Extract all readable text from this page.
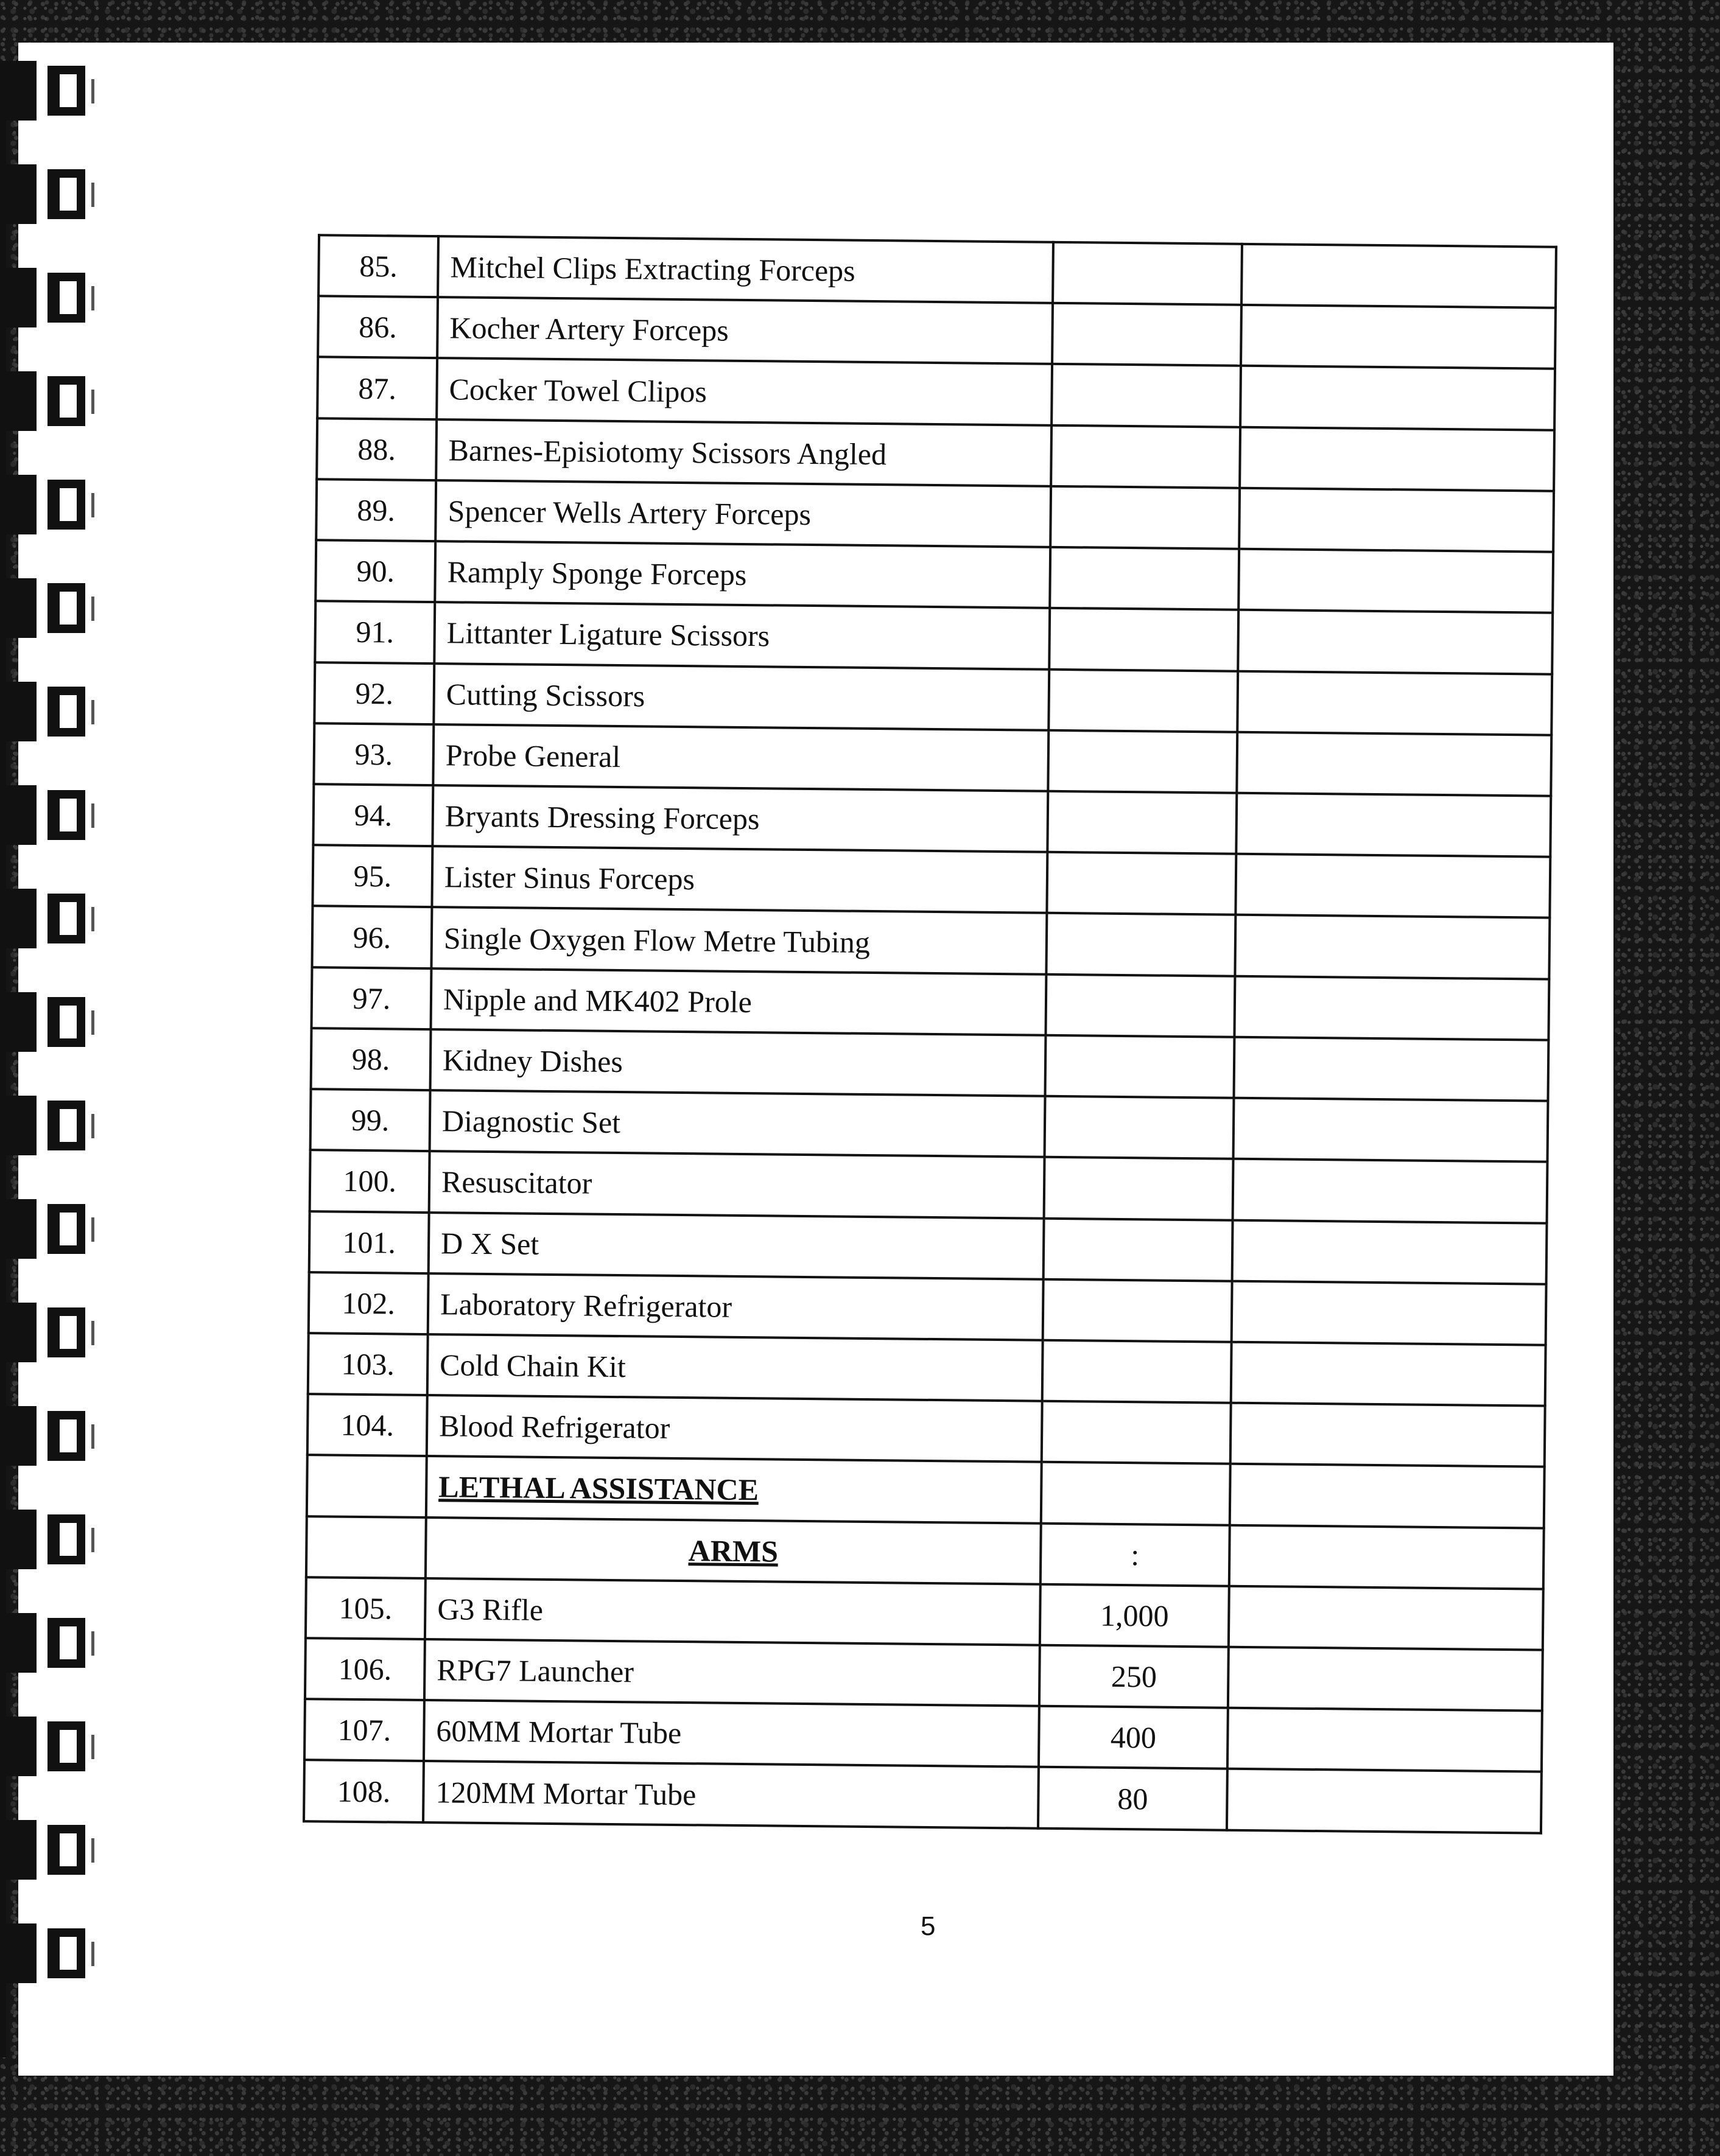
85.	Mitchel Clips Extracting Forceps		
86.	Kocher Artery Forceps		
87.	Cocker Towel Clipos		
88.	Barnes-Episiotomy Scissors Angled		
89.	Spencer Wells Artery Forceps		
90.	Ramply Sponge Forceps		
91.	Littanter Ligature Scissors		
92.	Cutting Scissors		
93.	Probe General		
94.	Bryants Dressing Forceps		
95.	Lister Sinus Forceps		
96.	Single Oxygen Flow Metre Tubing		
97.	Nipple and MK402 Prole		
98.	Kidney Dishes		
99.	Diagnostic Set		
100.	Resuscitator		
101.	D X Set		
102.	Laboratory Refrigerator		
103.	Cold Chain Kit		
104.	Blood Refrigerator		
	LETHAL ASSISTANCE		
	ARMS	:	
105.	G3 Rifle	1,000	
106.	RPG7 Launcher	250	
107.	60MM Mortar Tube	400	
108.	120MM Mortar Tube	80	
5
